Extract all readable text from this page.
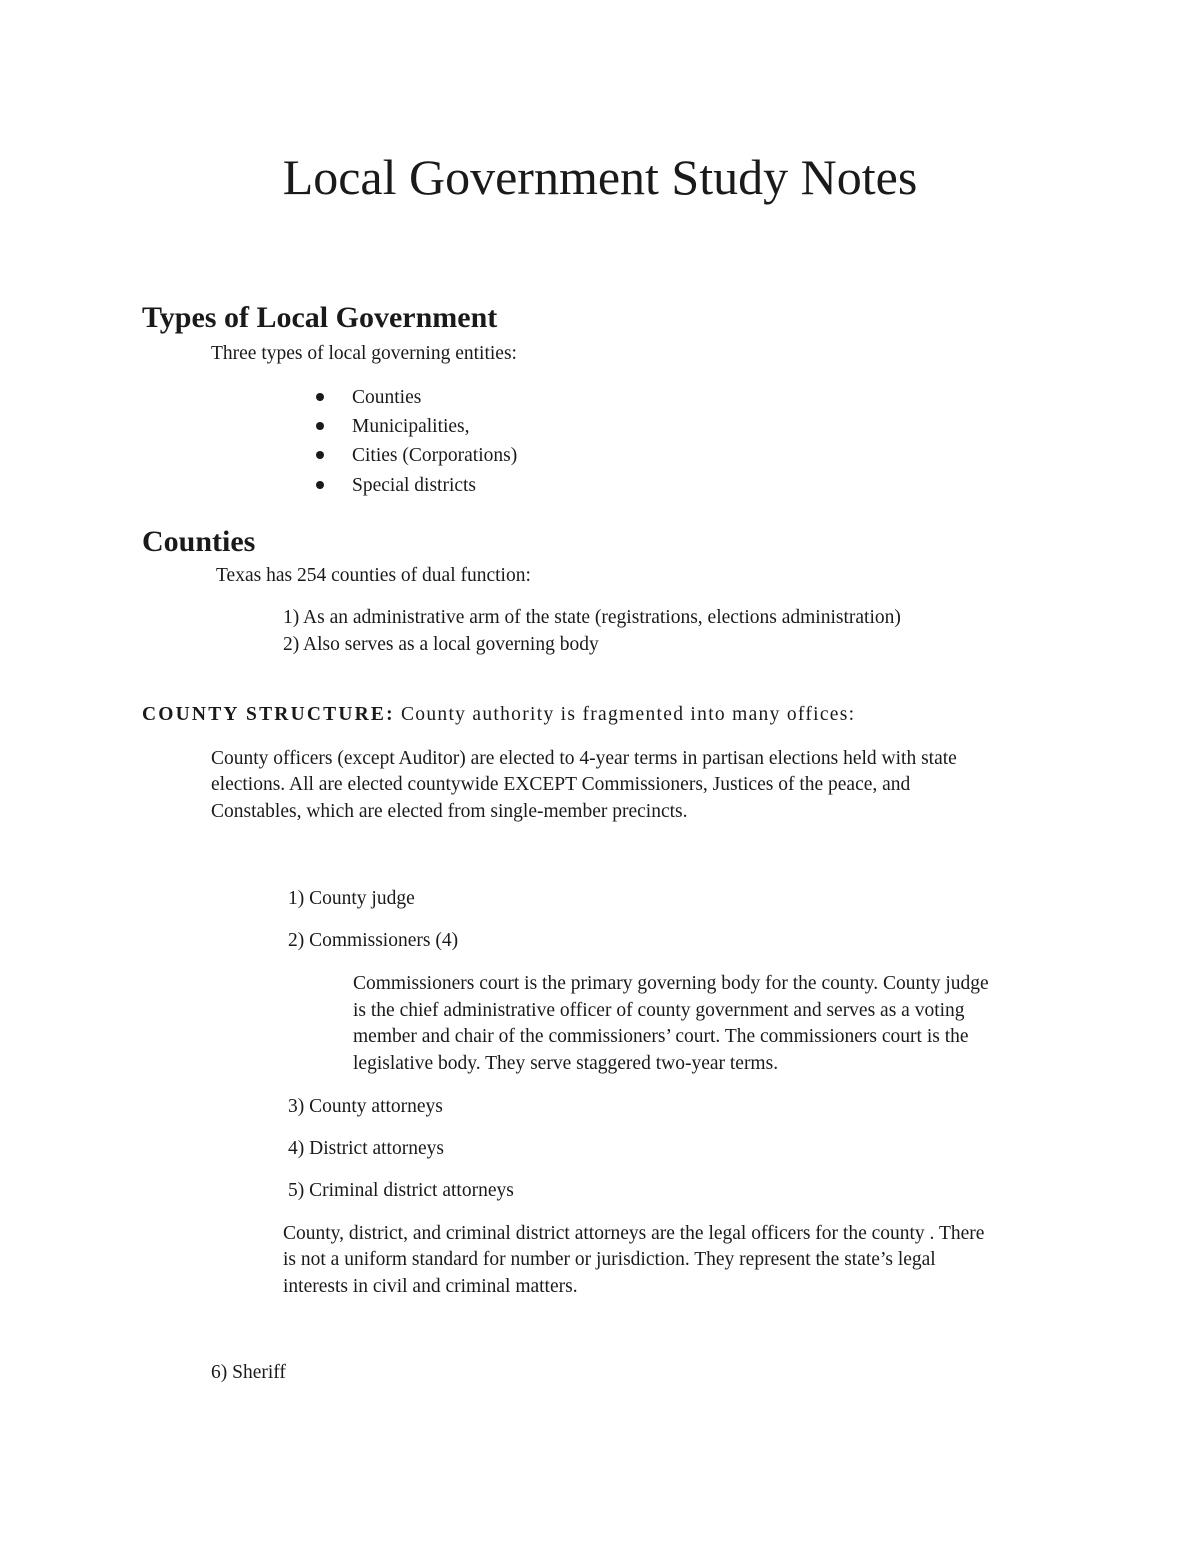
Local Government Study Notes
Types of Local Government
Three types of local governing entities:
Counties
Municipalities,
Cities (Corporations)
Special districts
Counties
Texas has 254 counties of dual function:
1) As an administrative arm of the state (registrations, elections administration)
2) Also serves as a local governing body
COUNTY STRUCTURE: County authority is fragmented into many offices:
County officers (except Auditor) are elected to 4-year terms in partisan elections held with state
elections. All are elected countywide EXCEPT Commissioners, Justices of the peace, and
Constables, which are elected from single-member precincts.
1) County judge
2) Commissioners (4)
Commissioners court is the primary governing body for the county. County judge
is the chief administrative officer of county government and serves as a voting
member and chair of the commissioners’ court. The commissioners court is the
legislative body. They serve staggered two-year terms.
3) County attorneys
4) District attorneys
5) Criminal district attorneys
County, district, and criminal district attorneys are the legal officers for the county . There
is not a uniform standard for number or jurisdiction. They represent the state’s legal
interests in civil and criminal matters.
6) Sheriff
